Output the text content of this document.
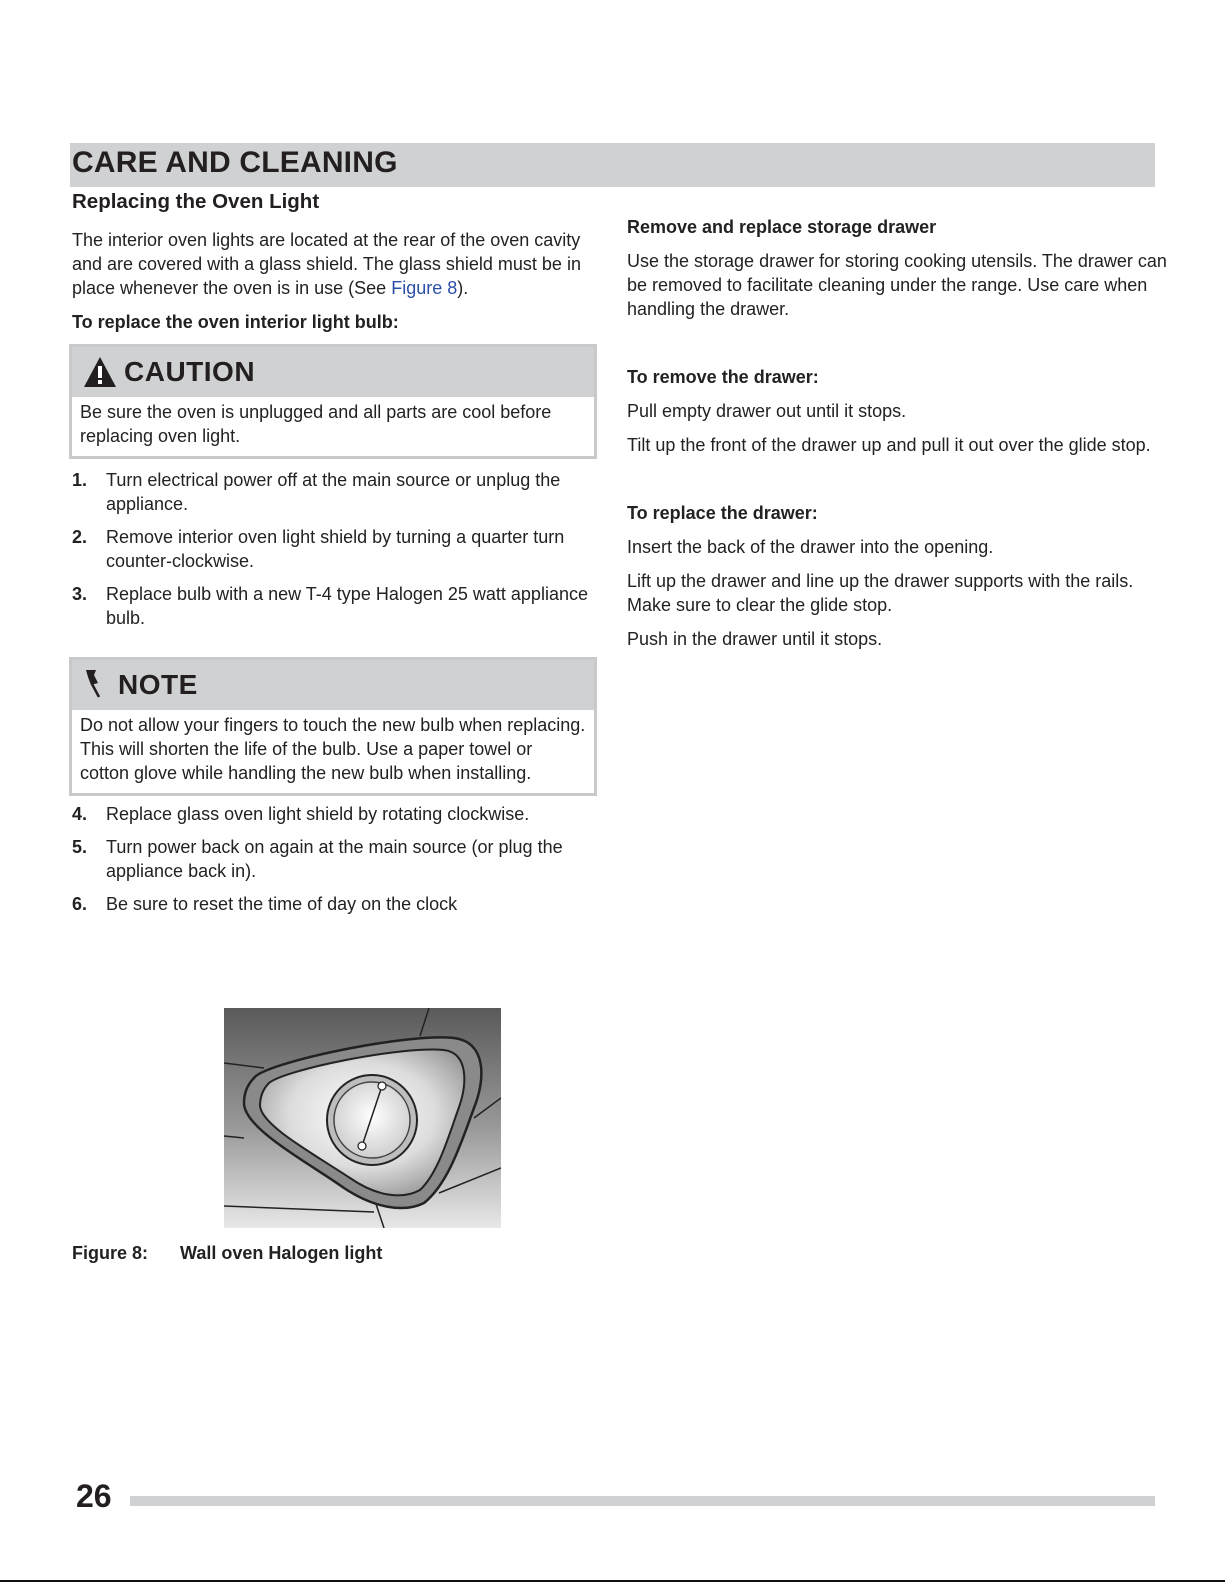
CARE AND CLEANING
Replacing the Oven Light

The interior oven lights are located at the rear of the oven cavity and are covered with a glass shield. The glass shield must be in place whenever the oven is in use (See Figure 8).

To replace the oven interior light bulb:

CAUTION

Be sure the oven is unplugged and all parts are cool before replacing oven light.

1. Turn electrical power off at the main source or unplug the appliance.
2. Remove interior oven light shield by turning a quarter turn counter-clockwise.
3. Replace bulb with a new T-4 type Halogen 25 watt appliance bulb.
NOTE

Do not allow your fingers to touch the new bulb when replacing. This will shorten the life of the bulb. Use a paper towel or cotton glove while handling the new bulb when installing.

4. Replace glass oven light shield by rotating clockwise.
5. Turn power back on again at the main source (or plug the appliance back in).
6. Be sure to reset the time of day on the clock
Figure 8: Wall oven Halogen light

Remove and replace storage drawer

Use the storage drawer for storing cooking utensils. The drawer can be removed to facilitate cleaning under the range. Use care when handling the drawer.

To remove the drawer:

Pull empty drawer out until it stops.

Tilt up the front of the drawer up and pull it out over the glide stop.

To replace the drawer:

Insert the back of the drawer into the opening.

Lift up the drawer and line up the drawer supports with the rails. Make sure to clear the glide stop.

Push in the drawer until it stops.

26
